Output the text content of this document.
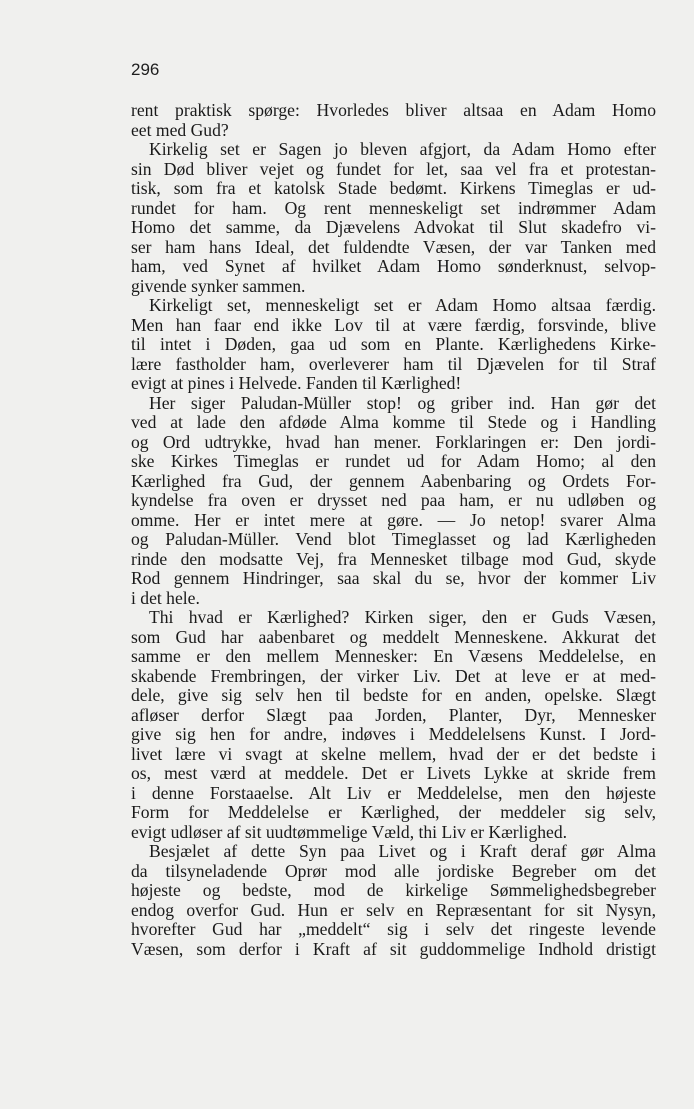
296

rent praktisk spørge: Hvorledes bliver altsaa en Adam Homo
eet med Gud?
Kirkelig set er Sagen jo bleven afgjort, da Adam Homo efter
sin Død bliver vejet og fundet for let, saa vel fra et protestan-
tisk, som fra et katolsk Stade bedømt. Kirkens Timeglas er ud-
rundet for ham. Og rent menneskeligt set indrømmer Adam
Homo det samme, da Djævelens Advokat til Slut skadefro vi-
ser ham hans Ideal, det fuldendte Væsen, der var Tanken med
ham, ved Synet af hvilket Adam Homo sønderknust, selvop-
givende synker sammen.
Kirkeligt set, menneskeligt set er Adam Homo altsaa færdig.
Men han faar end ikke Lov til at være færdig, forsvinde, blive
til intet i Døden, gaa ud som en Plante. Kærlighedens Kirke-
lære fastholder ham, overleverer ham til Djævelen for til Straf
evigt at pines i Helvede. Fanden til Kærlighed!
Her siger Paludan-Müller stop! og griber ind. Han gør det
ved at lade den afdøde Alma komme til Stede og i Handling
og Ord udtrykke, hvad han mener. Forklaringen er: Den jordi-
ske Kirkes Timeglas er rundet ud for Adam Homo; al den
Kærlighed fra Gud, der gennem Aabenbaring og Ordets For-
kyndelse fra oven er drysset ned paa ham, er nu udløben og
omme. Her er intet mere at gøre. — Jo netop! svarer Alma
og Paludan-Müller. Vend blot Timeglasset og lad Kærligheden
rinde den modsatte Vej, fra Mennesket tilbage mod Gud, skyde
Rod gennem Hindringer, saa skal du se, hvor der kommer Liv
i det hele.
Thi hvad er Kærlighed? Kirken siger, den er Guds Væsen,
som Gud har aabenbaret og meddelt Menneskene. Akkurat det
samme er den mellem Mennesker: En Væsens Meddelelse, en
skabende Frembringen, der virker Liv. Det at leve er at med-
dele, give sig selv hen til bedste for en anden, opelske. Slægt
afløser derfor Slægt paa Jorden, Planter, Dyr, Mennesker
give sig hen for andre, indøves i Meddelelsens Kunst. I Jord-
livet lære vi svagt at skelne mellem, hvad der er det bedste i
os, mest værd at meddele. Det er Livets Lykke at skride frem
i denne Forstaaelse. Alt Liv er Meddelelse, men den højeste
Form for Meddelelse er Kærlighed, der meddeler sig selv,
evigt udløser af sit uudtømmelige Væld, thi Liv er Kærlighed.
Besjælet af dette Syn paa Livet og i Kraft deraf gør Alma
da tilsyneladende Oprør mod alle jordiske Begreber om det
højeste og bedste, mod de kirkelige Sømmelighedsbegreber
endog overfor Gud. Hun er selv en Repræsentant for sit Nysyn,
hvorefter Gud har „meddelt“ sig i selv det ringeste levende
Væsen, som derfor i Kraft af sit guddommelige Indhold dristigt
